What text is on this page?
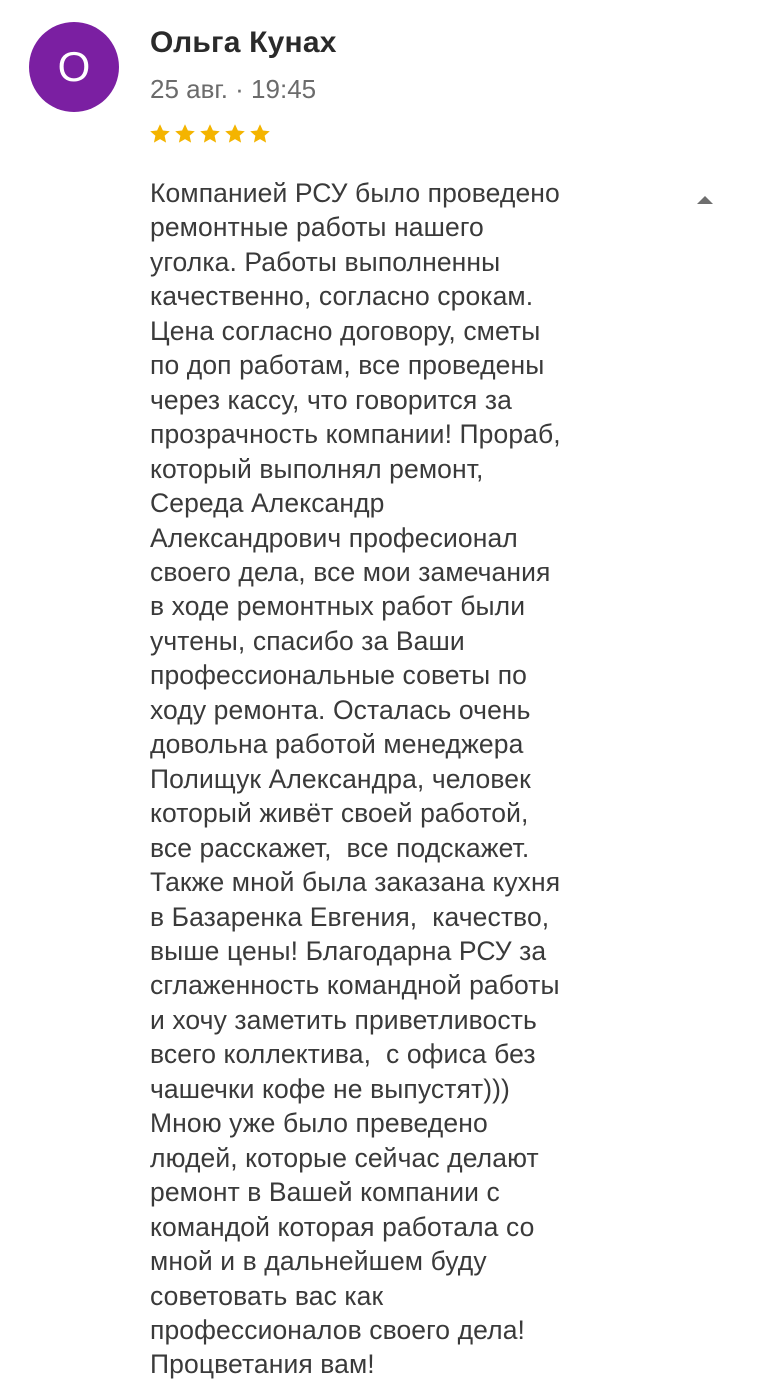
О
Ольга Кунах
25 авг. · 19:45
Компанией РСУ было проведено
ремонтные работы нашего
уголка. Работы выполненны
качественно, согласно срокам.
Цена согласно договору, сметы
по доп работам, все проведены
через кассу, что говорится за
прозрачность компании! Прораб,
который выполнял ремонт,
Середа Александр
Александрович професионал
своего дела, все мои замечания
в ходе ремонтных работ были
учтены, спасибо за Ваши
профессиональные советы по
ходу ремонта. Осталась очень
довольна работой менеджера
Полищук Александра, человек
который живёт своей работой,
все расскажет,  все подскажет.
Также мной была заказана кухня
в Базаренка Евгения,  качество,
выше цены! Благодарна РСУ за
сглаженность командной работы
и хочу заметить приветливость
всего коллектива,  с офиса без
чашечки кофе не выпустят)))
Мною уже было преведено
людей, которые сейчас делают
ремонт в Вашей компании с
командой которая работала со
мной и в дальнейшем буду
советовать вас как
профессионалов своего дела!
Процветания вам!
